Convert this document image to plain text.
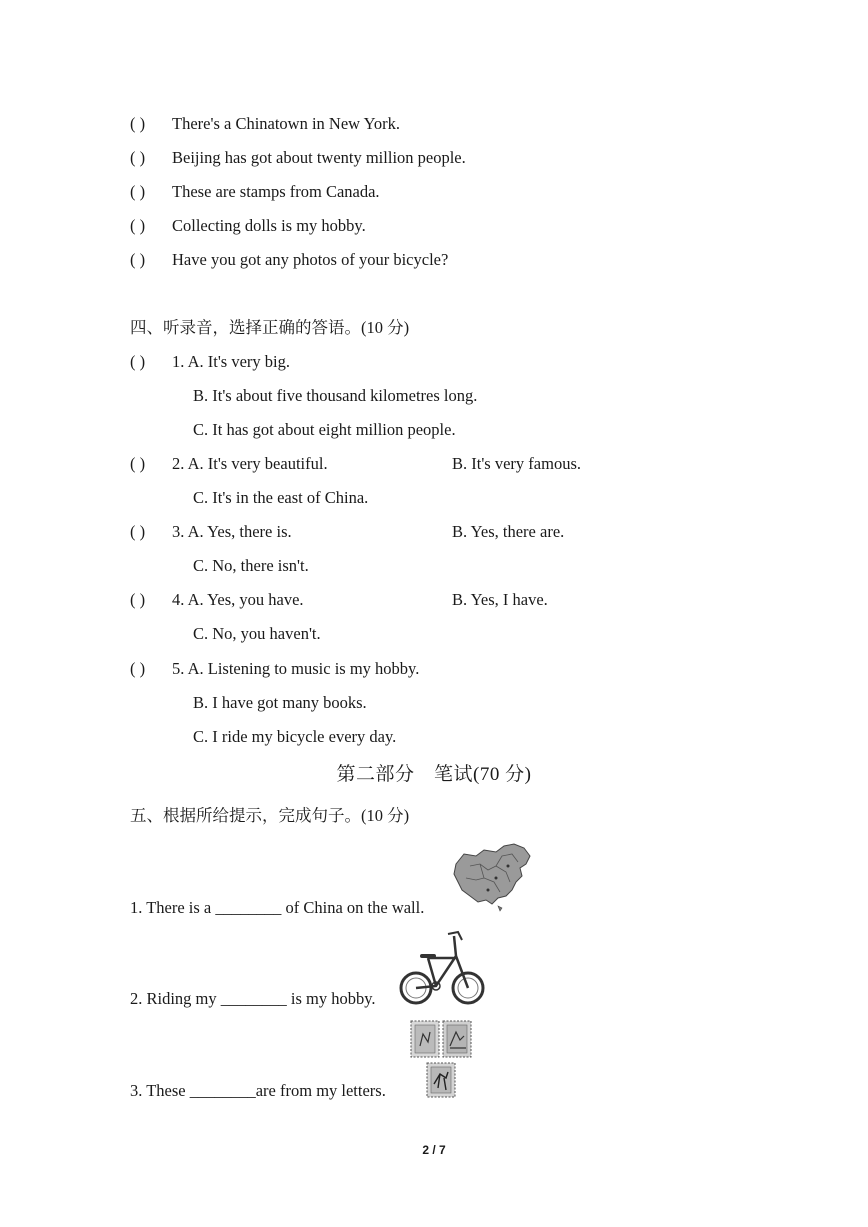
( ) There's a Chinatown in New York.
( ) Beijing has got about twenty million people.
( ) These are stamps from Canada.
( ) Collecting dolls is my hobby.
( ) Have you got any photos of your bicycle?
四、听录音，选择正确的答语。(10 分)
( ) 1. A. It's very big.
B. It's about five thousand kilometres long.
C. It has got about eight million people.
( ) 2. A. It's very beautiful.	B. It's very famous.
C. It's in the east of China.
( ) 3. A. Yes, there is.	B. Yes, there are.
C. No, there isn't.
( ) 4. A. Yes, you have.	B. Yes, I have.
C. No, you haven't.
( ) 5. A. Listening to music is my hobby.
B. I have got many books.
C. I ride my bicycle every day.
第二部分　笔试(70 分)
五、根据所给提示，完成句子。(10 分)
1. There is a ________ of China on the wall.
2. Riding my ________ is my hobby.
3. These ________are from my letters.
2 / 7
